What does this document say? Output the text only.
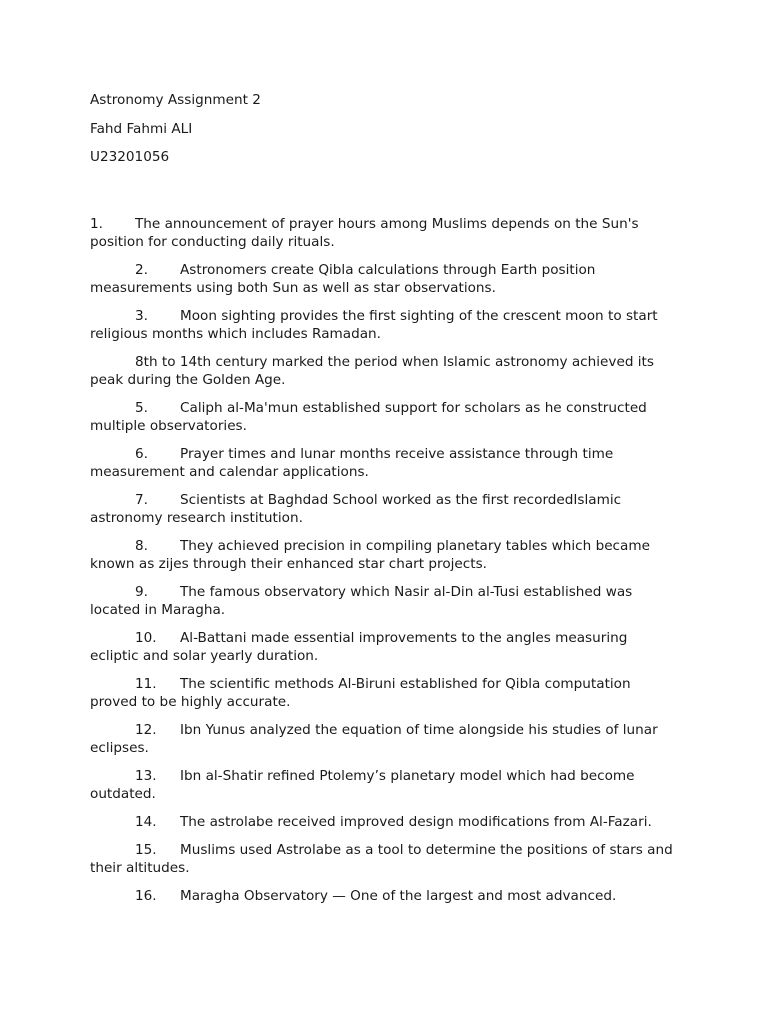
Astronomy Assignment 2
Fahd Fahmi ALI
U23201056

1. The announcement of prayer hours among Muslims depends on the Sun's position for conducting daily rituals.

2. Astronomers create Qibla calculations through Earth position measurements using both Sun as well as star observations.

3. Moon sighting provides the first sighting of the crescent moon to start religious months which includes Ramadan.

8th to 14th century marked the period when Islamic astronomy achieved its peak during the Golden Age.

5. Caliph al-Ma'mun established support for scholars as he constructed multiple observatories.

6. Prayer times and lunar months receive assistance through time measurement and calendar applications.

7. Scientists at Baghdad School worked as the first recordedIslamic astronomy research institution.

8. They achieved precision in compiling planetary tables which became known as zijes through their enhanced star chart projects.

9. The famous observatory which Nasir al-Din al-Tusi established was located in Maragha.

10. Al-Battani made essential improvements to the angles measuring ecliptic and solar yearly duration.

11. The scientific methods Al-Biruni established for Qibla computation proved to be highly accurate.

12. Ibn Yunus analyzed the equation of time alongside his studies of lunar eclipses.

13. Ibn al-Shatir refined Ptolemy’s planetary model which had become outdated.

14. The astrolabe received improved design modifications from Al-Fazari.

15. Muslims used Astrolabe as a tool to determine the positions of stars and their altitudes.

16. Maragha Observatory — One of the largest and most advanced.
